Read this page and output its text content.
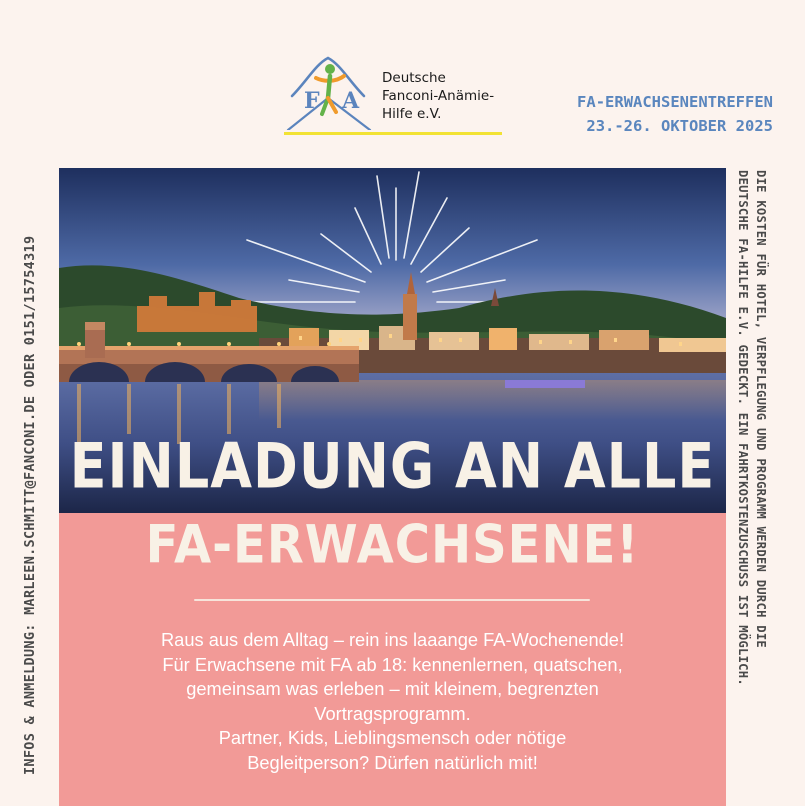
F A
Deutsche
Fanconi-Anämie-
Hilfe e.V.
FA-ERWACHSENENTREFFEN
23.-26. OKTOBER 2025
EINLADUNG AN ALLE
FA-ERWACHSENE!
Raus aus dem Alltag – rein ins laaange FA-Wochenende!
Für Erwachsene mit FA ab 18: kennenlernen, quatschen,
gemeinsam was erleben – mit kleinem, begrenzten
Vortragsprogramm.
Partner, Kids, Lieblingsmensch oder nötige
Begleitperson? Dürfen natürlich mit!
INFOS & ANMELDUNG: MARLEEN.SCHMITT@FANCONI.DE ODER 0151/15754319	DIE KOSTEN FÜR HOTEL, VERPFLEGUNG UND PROGRAMM WERDEN DURCH DIE
DEUTSCHE FA-HILFE E.V. GEDECKT. EIN FAHRTKOSTENZUSCHUSS IST MÖGLICH.
